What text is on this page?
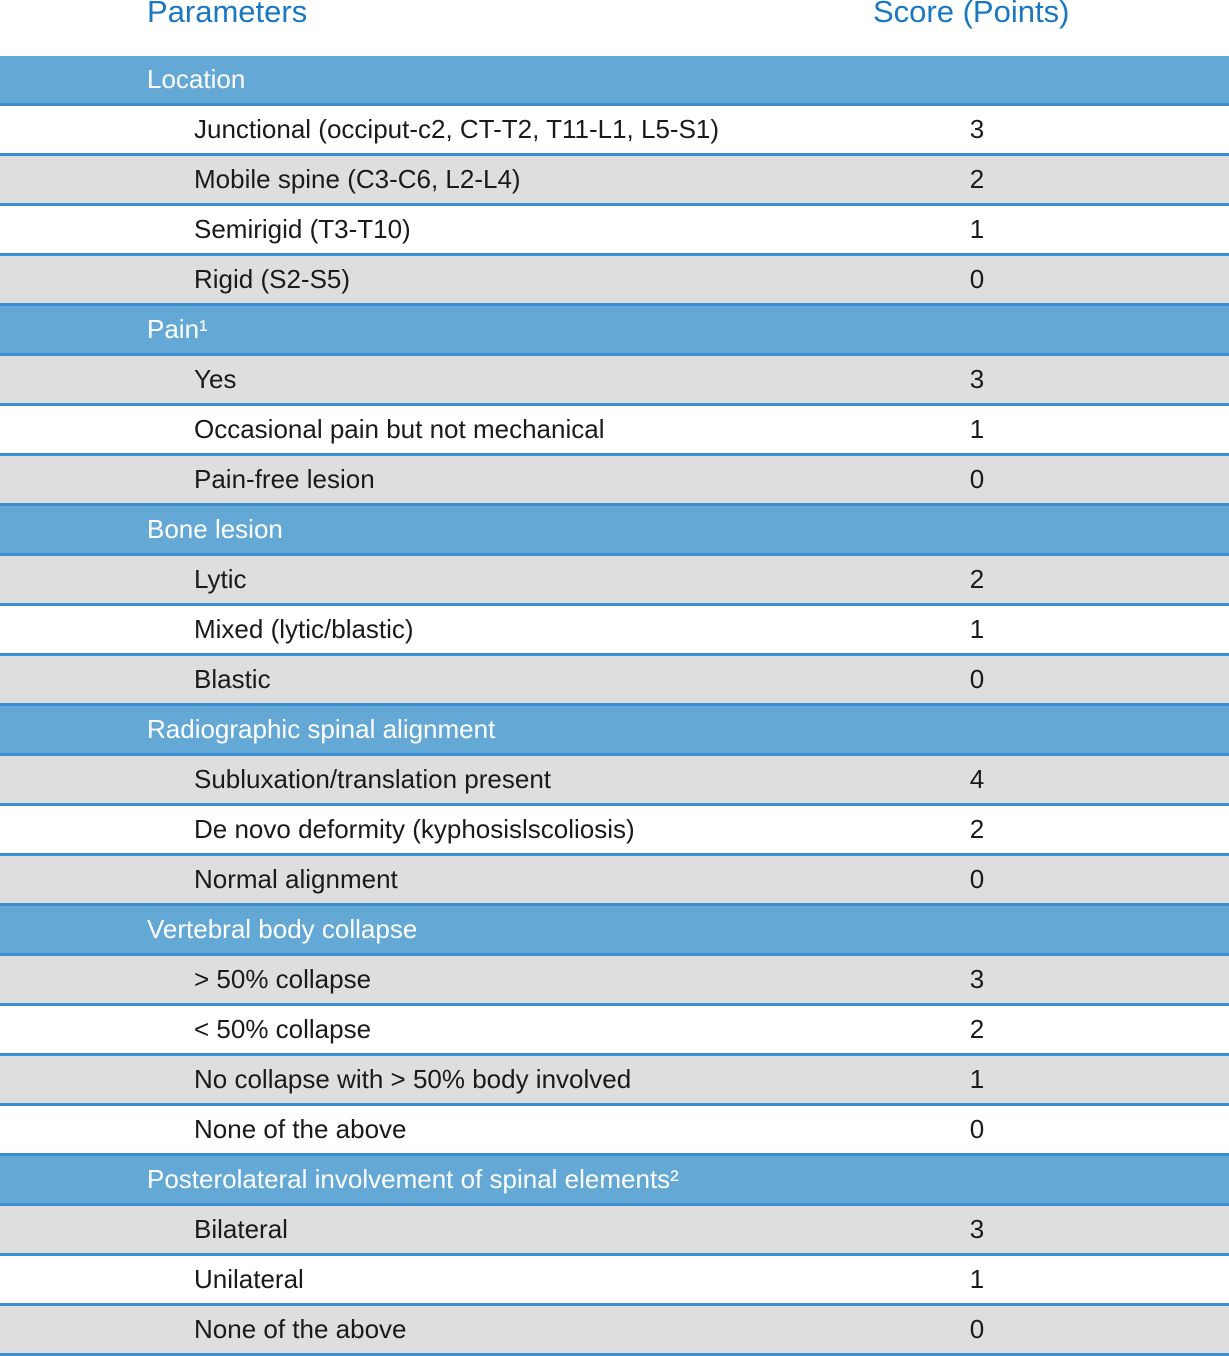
Parameters	Score (Points)
Location
Junctional (occiput-c2, CT-T2, T11-L1, L5-S1)	3
Mobile spine (C3-C6, L2-L4)	2
Semirigid (T3-T10)	1
Rigid (S2-S5)	0
Pain¹
Yes	3
Occasional pain but not mechanical	1
Pain-free lesion	0
Bone lesion
Lytic	2
Mixed (lytic/blastic)	1
Blastic	0
Radiographic spinal alignment
Subluxation/translation present	4
De novo deformity (kyphosislscoliosis)	2
Normal alignment	0
Vertebral body collapse
> 50% collapse	3
< 50% collapse	2
No collapse with > 50% body involved	1
None of the above	0
Posterolateral involvement of spinal elements²
Bilateral	3
Unilateral	1
None of the above	0
